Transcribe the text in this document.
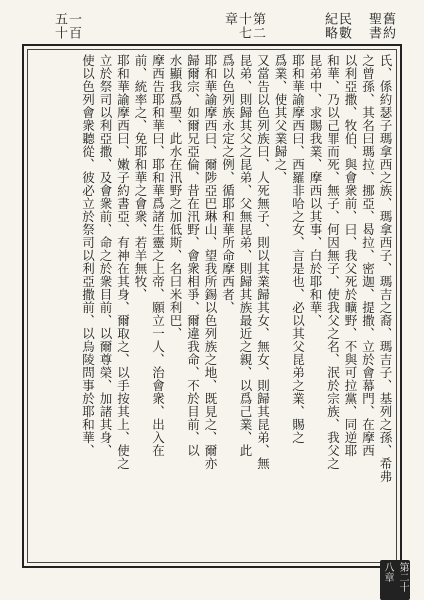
舊約聖書
民數紀略
第二十七章
一百五十
氏、係約瑟子瑪拿西之族、瑪拿西子、瑪吉之裔、瑪吉子、基列之孫、希弗
之曾孫、其名曰瑪拉、挪亞、曷拉、密迦、提撒、立於會幕門、在摩西
以利亞撒、牧伯、與會衆前、曰、我父死於曠野、不與可拉黨、同逆耶
和華、乃以己罪而死、無子、何因無子、使我父之名、泯於宗族、我父之
昆弟中、求賜我業、摩西以其事、白於耶和華、
耶和華諭摩西曰、西羅非哈之女、言是也、必以其父昆弟之業、賜之
爲業、使其父業歸之、
又當告以色列族曰、人死無子、則以其業歸其女、無女、則歸其昆弟、無
昆弟、則歸其父之昆弟、父無昆弟、則歸其族最近之親、以爲己業、此
爲以色列族永定之例、循耶和華所命摩西者、
耶和華諭摩西曰、爾陟亞巴琳山、望我所錫以色列族之地、既見之、爾亦
歸爾宗、如爾兄亞倫、昔在汛野、會衆相爭、爾違我命、不於目前、以
水顯我爲聖、此水在汛野之加低斯、名曰米利巴、
摩西告耶和華曰、耶和華爲諸生靈之上帝、願立一人、治會衆、出入在
前、統率之、免耶和華之會衆、若羊無牧、
耶和華諭摩西曰、嫩子約書亞、有神在其身、爾取之、以手按其上、使之
立於祭司以利亞撒、及會衆前、命之於衆目前、以爾尊榮、加諸其身、
使以色列會衆聽從、彼必立於祭司以利亞撒前、以烏陵問事於耶和華、
第二十八章
